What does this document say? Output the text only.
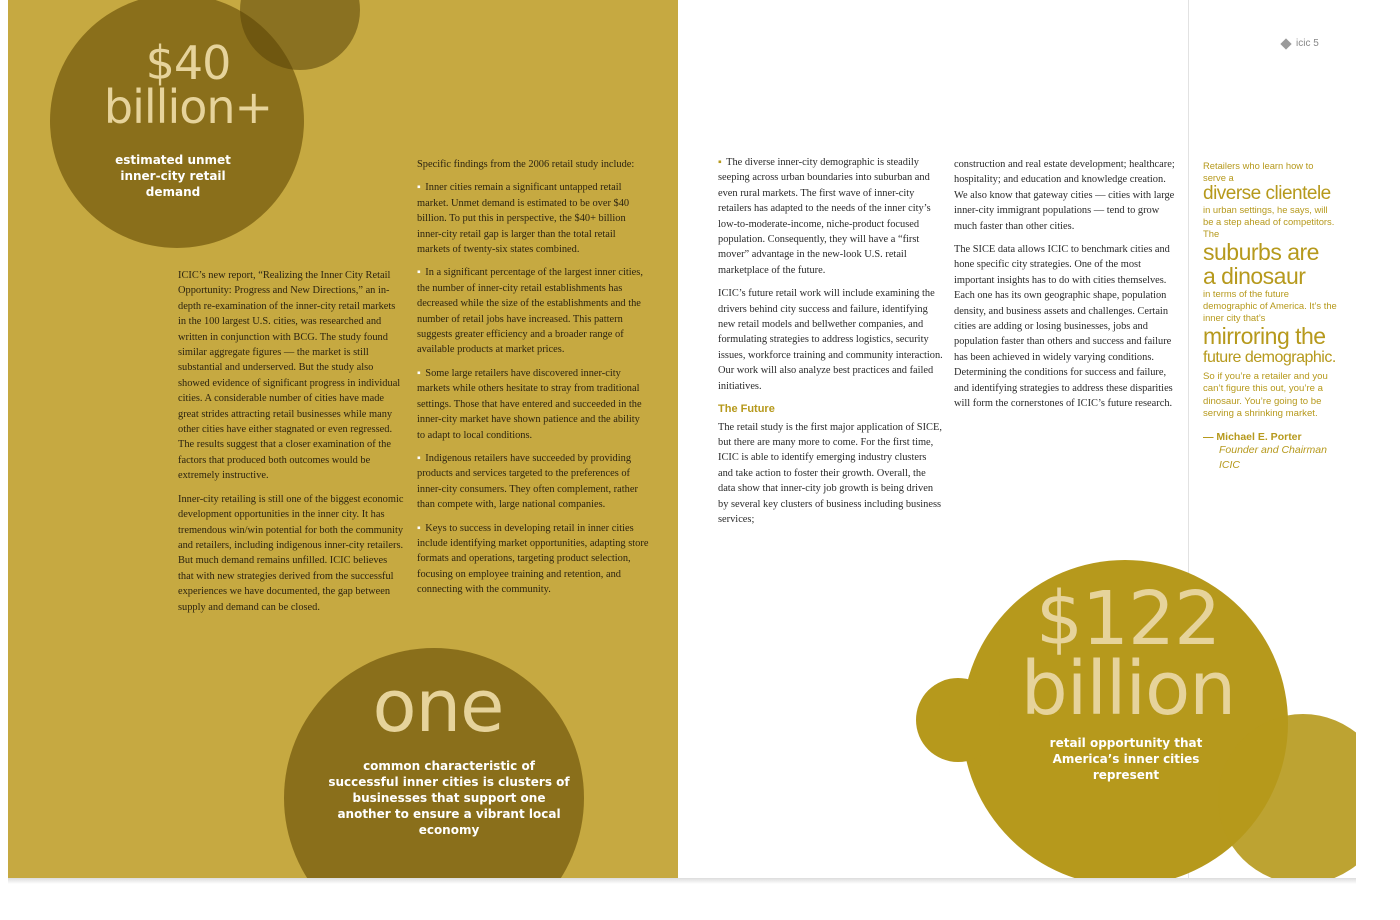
$40 billion+
estimated unmet inner-city retail demand

ICIC’s new report, “Realizing the Inner City Retail Opportunity: Progress and New Directions,” an in-depth re-examination of the inner-city retail markets in the 100 largest U.S. cities, was researched and written in conjunction with BCG. The study found similar aggregate figures — the market is still substantial and underserved. But the study also showed evidence of significant progress in individual cities. A considerable number of cities have made great strides attracting retail businesses while many other cities have either stagnated or even regressed. The results suggest that a closer examination of the factors that produced both outcomes would be extremely instructive.

Inner-city retailing is still one of the biggest economic development opportunities in the inner city. It has tremendous win/win potential for both the community and retailers, including indigenous inner-city retailers. But much demand remains unfilled. ICIC believes that with new strategies derived from the successful experiences we have documented, the gap between supply and demand can be closed.

Specific findings from the 2006 retail study include:

▪ Inner cities remain a significant untapped retail market. Unmet demand is estimated to be over $40 billion. To put this in perspective, the $40+ billion inner-city retail gap is larger than the total retail markets of twenty-six states combined.

▪ In a significant percentage of the largest inner cities, the number of inner-city retail establishments has decreased while the size of the establishments and the number of retail jobs have increased. This pattern suggests greater efficiency and a broader range of available products at market prices.

▪ Some large retailers have discovered inner-city markets while others hesitate to stray from traditional settings. Those that have entered and succeeded in the inner-city market have shown patience and the ability to adapt to local conditions.

▪ Indigenous retailers have succeeded by providing products and services targeted to the preferences of inner-city consumers. They often complement, rather than compete with, large national companies.

▪ Keys to success in developing retail in inner cities include identifying market opportunities, adapting store formats and operations, targeting product selection, focusing on employee training and retention, and connecting with the community.

one
common characteristic of successful inner cities is clusters of businesses that support one another to ensure a vibrant local economy
icic 5

▪ The diverse inner-city demographic is steadily seeping across urban boundaries into suburban and even rural markets. The first wave of inner-city retailers has adapted to the needs of the inner city’s low-to-moderate-income, niche-product focused population. Consequently, they will have a “first mover” advantage in the new-look U.S. retail marketplace of the future.

ICIC’s future retail work will include examining the drivers behind city success and failure, identifying new retail models and bellwether companies, and formulating strategies to address logistics, security issues, workforce training and community interaction. Our work will also analyze best practices and failed initiatives.

The Future

The retail study is the first major application of SICE, but there are many more to come. For the first time, ICIC is able to identify emerging industry clusters and take action to foster their growth. Overall, the data show that inner-city job growth is being driven by several key clusters of business including business services;

construction and real estate development; healthcare; hospitality; and education and knowledge creation. We also know that gateway cities — cities with large inner-city immigrant populations — tend to grow much faster than other cities.

The SICE data allows ICIC to benchmark cities and hone specific city strategies. One of the most important insights has to do with cities themselves. Each one has its own geographic shape, population density, and business assets and challenges. Certain cities are adding or losing businesses, jobs and population faster than others and success and failure has been achieved in widely varying conditions. Determining the conditions for success and failure, and identifying strategies to address these disparities will form the cornerstones of ICIC’s future research.

$122
billion
retail opportunity that America’s inner cities represent
Retailers who learn how to serve a
diverse clientele
in urban settings, he says, will be a step ahead of competitors. The
suburbs are
a dinosaur
in terms of the future demographic of America. It’s the inner city that’s
mirroring the
future demographic.
So if you’re a retailer and you can’t figure this out, you’re a dinosaur. You’re going to be serving a shrinking market.
— Michael E. Porter
Founder and Chairman
ICIC
